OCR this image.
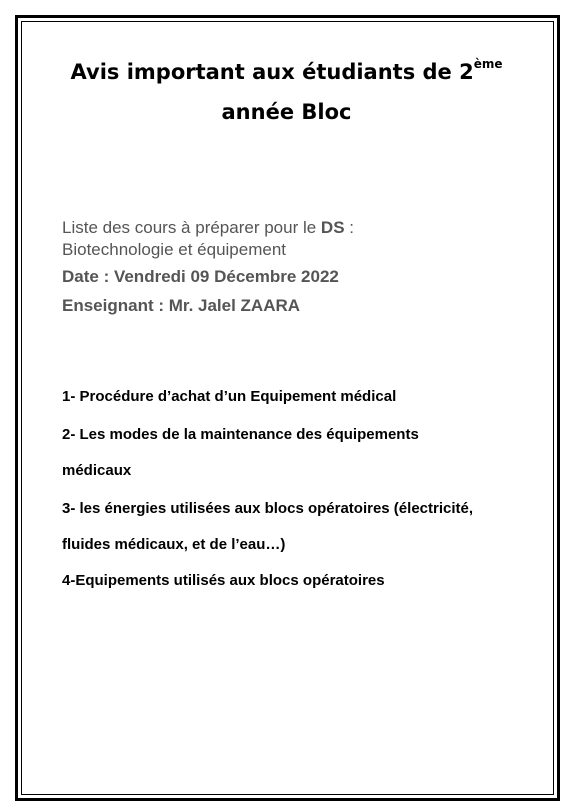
Avis important aux étudiants de 2ème
année Bloc

Liste des cours à préparer pour le DS :

Biotechnologie et équipement

Date : Vendredi 09 Décembre 2022

Enseignant : Mr. Jalel ZAARA

1- Procédure d’achat d’un Equipement médical

2- Les modes de la maintenance des équipements

médicaux

3- les énergies utilisées aux blocs opératoires (électricité,

fluides médicaux, et de l’eau…)

4-Equipements utilisés aux blocs opératoires
